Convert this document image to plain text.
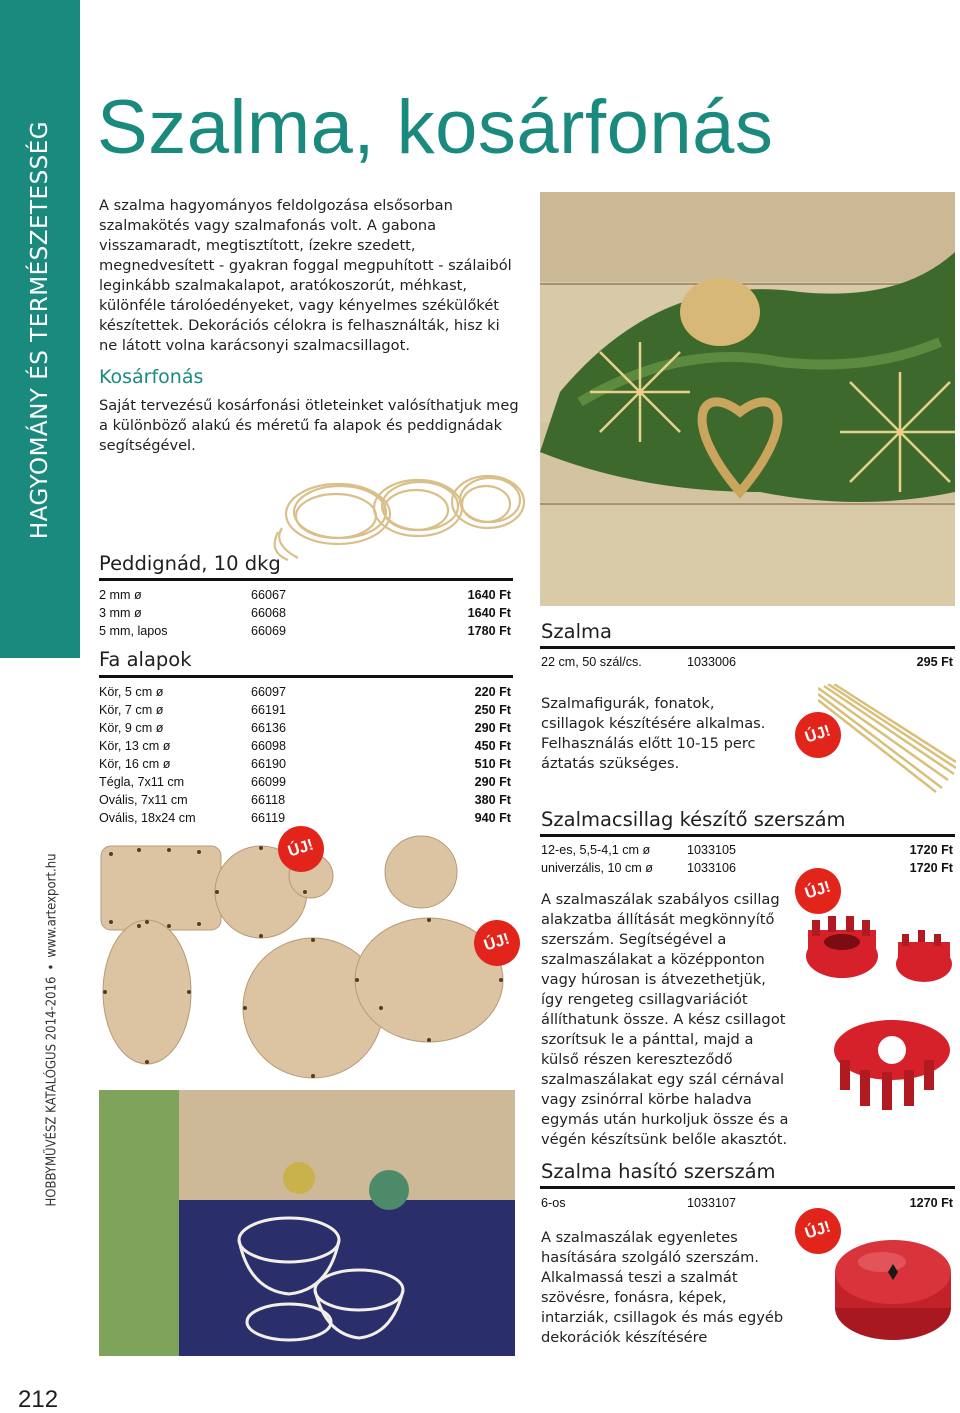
HAGYOMÁNY ÉS TERMÉSZETESSÉG
HOBBYMŰVÉSZ KATALÓGUS 2014-2016•www.artexport.hu
212
Szalma, kosárfonás
A szalma hagyományos feldolgozása elsősorban szalmakötés vagy szalmafonás volt. A gabona visszamaradt, megtisztított, ízekre szedett, megnedvesített - gyakran foggal megpuhított - szálaiból leginkább szalmakalapot, aratókoszorút, méhkast, különféle tárolóedényeket, vagy kényelmes székülőkét készítettek. Dekorációs célokra is felhasználták, hisz ki ne látott volna karácsonyi szalmacsillagot.
Kosárfonás
Saját tervezésű kosárfonási ötleteinket valósíthatjuk meg a különböző alakú és méretű fa alapok és peddignádak segítségével.
Peddignád, 10 dkg
2 mm ø	66067	1640 Ft
3 mm ø	66068	1640 Ft
5 mm, lapos	66069	1780 Ft
Fa alapok
Kör, 5 cm ø	66097	220 Ft
Kör, 7 cm ø	66191	250 Ft
Kör, 9 cm ø	66136	290 Ft
Kör, 13 cm ø	66098	450 Ft
Kör, 16 cm ø	66190	510 Ft
Tégla, 7x11 cm	66099	290 Ft
Ovális, 7x11 cm	66118	380 Ft
Ovális, 18x24 cm	66119	940 Ft
ÚJ!
ÚJ!
Szalma
22 cm, 50 szál/cs.	1033006	295 Ft
Szalmafigurák, fonatok, csillagok készítésére alkalmas. Felhasználás előtt 10-15 perc áztatás szükséges.
ÚJ!
Szalmacsillag készítő szerszám
12-es, 5,5-4,1 cm ø	1033105	1720 Ft
univerzális, 10 cm ø	1033106	1720 Ft
A szalmaszálak szabályos csillag alakzatba állítását megkönnyítő szerszám. Segítségével a szalmaszálakat a középponton vagy húrosan is átvezethetjük, így rengeteg csillagvariációt állíthatunk össze. A kész csillagot szorítsuk le a pánttal, majd a külső részen kereszteződő szalmaszálakat egy szál cérnával vagy zsinórral körbe haladva egymás után hurkoljuk össze és a végén készítsünk belőle akasztót.
ÚJ!
Szalma hasító szerszám
6-os	1033107	1270 Ft
A szalmaszálak egyenletes hasítására szolgáló szerszám. Alkalmassá teszi a szalmát szövésre, fonásra, képek, intarziák, csillagok és más egyéb dekorációk készítésére
ÚJ!
